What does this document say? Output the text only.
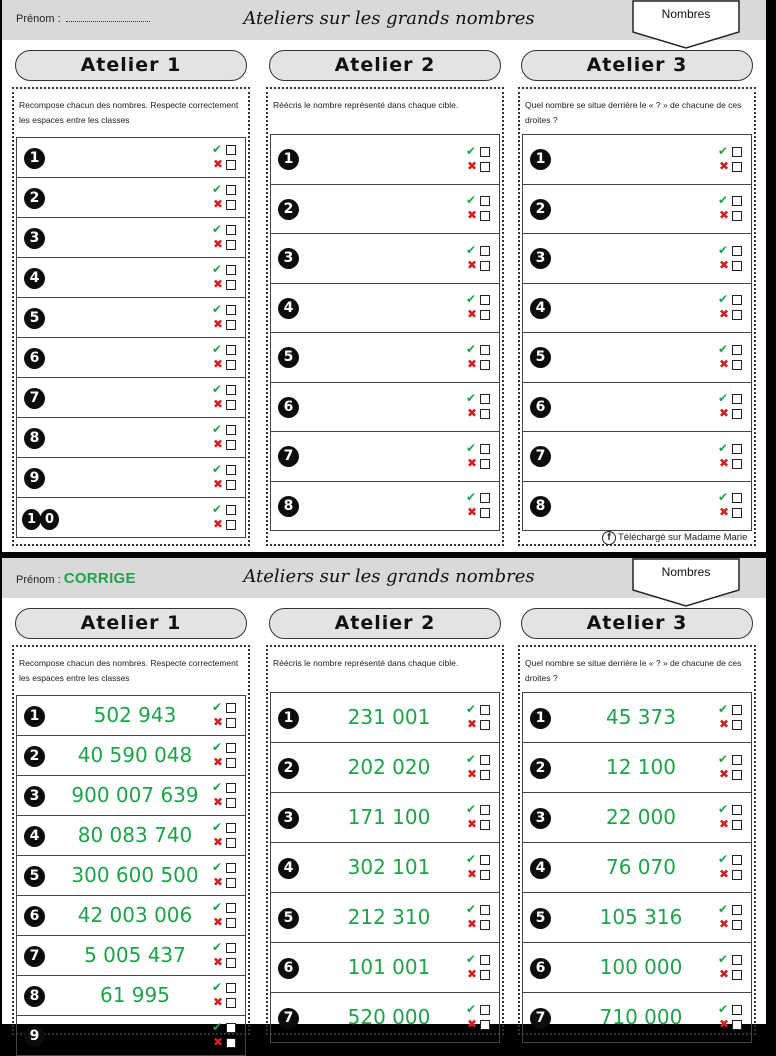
Prénom :	Ateliers sur les grands nombres	Nombres
Atelier 1
Recompose chacun des nombres. Respecte correctement les espaces entre les classes
1
✔
✖
2
✔
✖
3
✔
✖
4
✔
✖
5
✔
✖
6
✔
✖
7
✔
✖
8
✔
✖
9
✔
✖
1 0
✔
✖
Atelier 2
Réécris le nombre représenté dans chaque cible.
1
✔
✖
2
✔
✖
3
✔
✖
4
✔
✖
5
✔
✖
6
✔
✖
7
✔
✖
8
✔
✖
Atelier 3
Quel nombre se situe derrière le « ? » de chacune de ces droites ?
1
✔
✖
2
✔
✖
3
✔
✖
4
✔
✖
5
✔
✖
6
✔
✖
7
✔
✖
8
✔
✖
f Téléchargé sur Madame Marie
Prénom : CORRIGE	Ateliers sur les grands nombres	Nombres
Atelier 1
Recompose chacun des nombres. Respecte correctement les espaces entre les classes
1	502 943	✔
✖
2	40 590 048	✔
✖
3	900 007 639	✔
✖
4	80 083 740	✔
✖
5	300 600 500	✔
✖
6	42 003 006	✔
✖
7	5 005 437	✔
✖
8	61 995	✔
✖
9
✔
✖
Atelier 2
Réécris le nombre représenté dans chaque cible.
1	231 001	✔
✖
2	202 020	✔
✖
3	171 100	✔
✖
4	302 101	✔
✖
5	212 310	✔
✖
6	101 001	✔
✖
7	520 000	✔
✖
Atelier 3
Quel nombre se situe derrière le « ? » de chacune de ces droites ?
1	45 373	✔
✖
2	12 100	✔
✖
3	22 000	✔
✖
4	76 070	✔
✖
5	105 316	✔
✖
6	100 000	✔
✖
7	710 000	✔
✖
